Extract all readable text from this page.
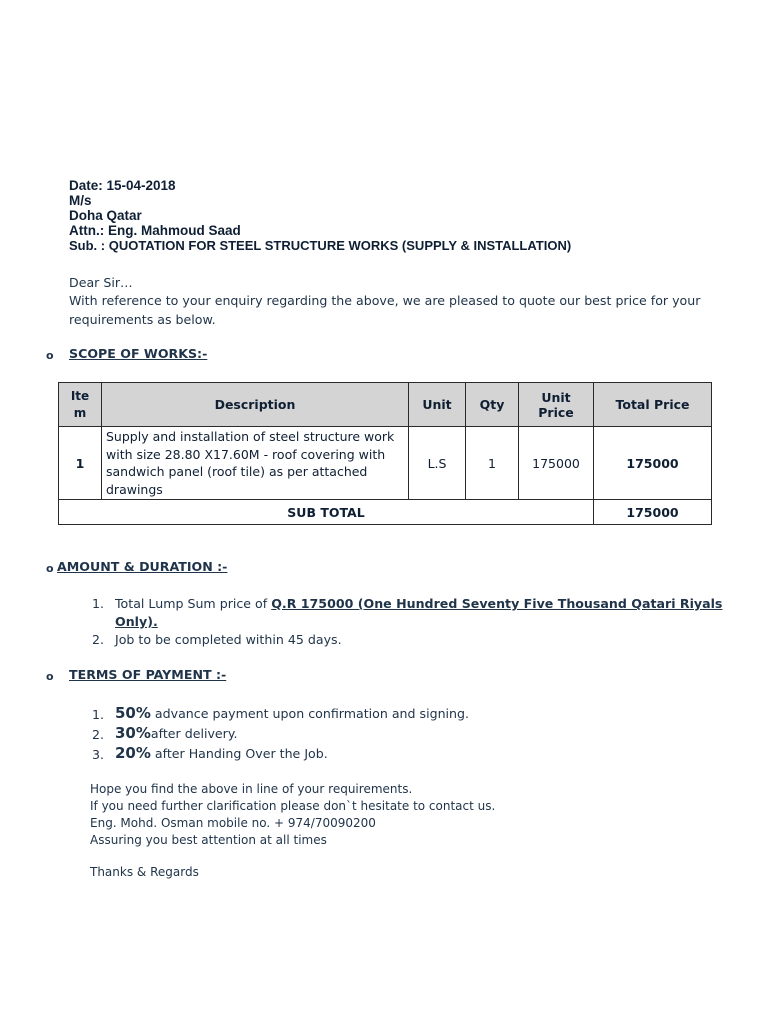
Date: 15-04-2018
M/s
Doha Qatar
Attn.: Eng. Mahmoud Saad
Sub. : QUOTATION FOR STEEL STRUCTURE WORKS (SUPPLY & INSTALLATION)
Dear Sir…
With reference to your enquiry regarding the above, we are pleased to quote our best price for your
requirements as below.
o SCOPE OF WORKS:-
Ite m	Description	Unit	Qty	Unit Price	Total Price
1	Supply and installation of steel structure work with size 28.80 X17.60M - roof covering with sandwich panel (roof tile) as per attached drawings	L.S	1	175000	175000
SUB TOTAL					175000
o AMOUNT & DURATION :-
1. Total Lump Sum price of Q.R 175000 (One Hundred Seventy Five Thousand Qatari Riyals
Only).
2. Job to be completed within 45 days.
o TERMS OF PAYMENT :-
1. 50% advance payment upon confirmation and signing.
2. 30%after delivery.
3. 20% after Handing Over the Job.
Hope you find the above in line of your requirements.
If you need further clarification please don`t hesitate to contact us.
Eng. Mohd. Osman mobile no. + 974/70090200
Assuring you best attention at all times
Thanks & Regards
